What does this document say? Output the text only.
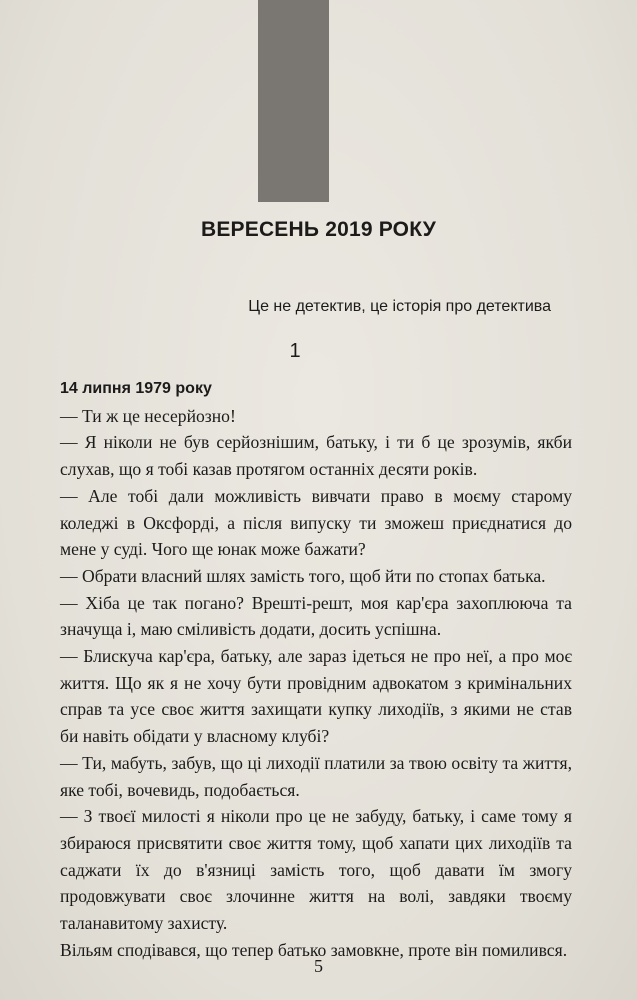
ВЕРЕСЕНЬ 2019 РОКУ
Це не детектив, це історія про детектива
1

14 липня 1979 року

— Ти ж це несерйозно!

— Я ніколи не був серйознішим, батьку, і ти б це зрозумів, якби слухав, що я тобі казав протягом останніх десяти років.

— Але тобі дали можливість вивчати право в моєму старому коледжі в Оксфорді, а після випуску ти зможеш приєднатися до мене у суді. Чого ще юнак може бажати?

— Обрати власний шлях замість того, щоб йти по стопах батька.

— Хіба це так погано? Врешті-решт, моя кар'єра захоплююча та значуща і, маю сміливість додати, досить успішна.

— Блискуча кар'єра, батьку, але зараз ідеться не про неї, а про моє життя. Що як я не хочу бути провідним адвокатом з кримінальних справ та усе своє життя захищати купку лиходіїв, з якими не став би навіть обідати у власному клубі?

— Ти, мабуть, забув, що ці лиходії платили за твою освіту та життя, яке тобі, вочевидь, подобається.

— З твоєї милості я ніколи про це не забуду, батьку, і саме тому я збираюся присвятити своє життя тому, щоб хапати цих лиходіїв та саджати їх до в'язниці замість того, щоб давати їм змогу продовжувати своє злочинне життя на волі, завдяки твоєму таланавитому захисту.

Вільям сподівався, що тепер батько замовкне, проте він помилився.

5
